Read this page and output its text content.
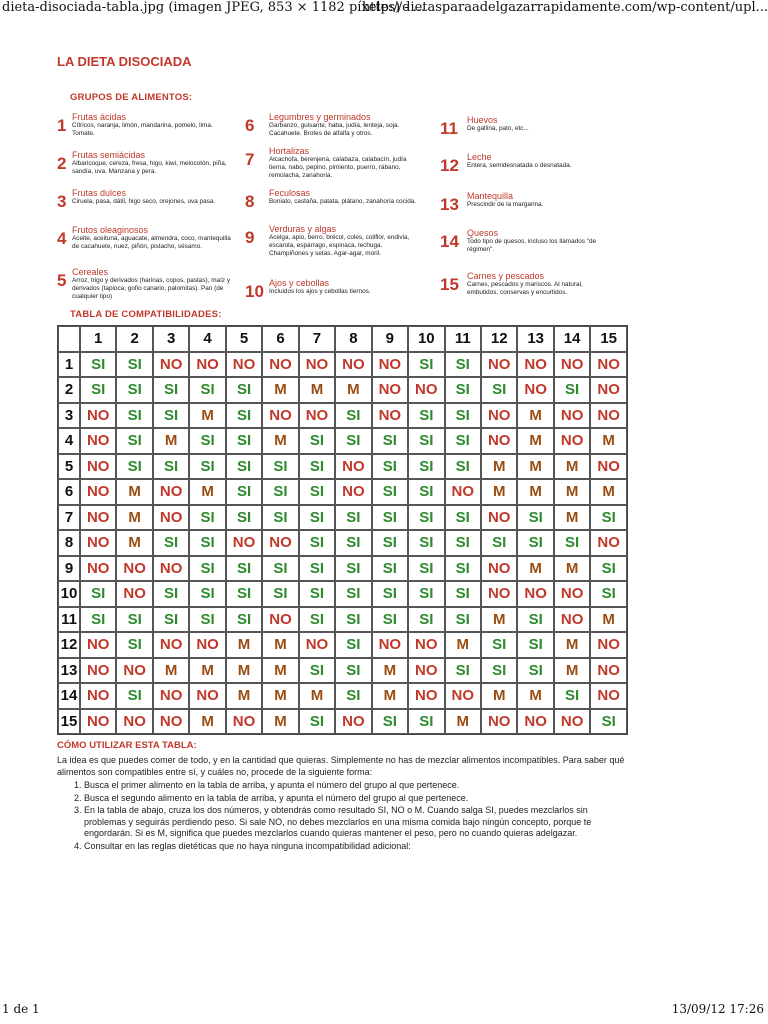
dieta-disociada-tabla.jpg (imagen JPEG, 853 × 1182 píxeles) - ...
http://dietasparaadelgazarrapidamente.com/wp-content/upl...
LA DIETA DISOCIADA
GRUPOS DE ALIMENTOS:
1 Frutas ácidas
Cítricos, naranja, limón, mandarina, pomelo, lima. Tomate.
2 Frutas semiácidas
Albaricoque, cereza, fresa, higo, kiwi, melocotón, piña, sandía, uva. Manzana y pera.
3 Frutas dulces
Ciruela, pasa, dátil, higo seco, orejones, uva pasa.
4 Frutos oleaginosos
Aceite, aceituna, aguacate, almendra, coco, mantequilla de cacahuete, nuez, piñón, pistacho, sésamo.
5 Cereales
Arroz, trigo y derivados (harinas, copos, pastas), maíz y derivados (tapioca, gofio canario, palomitas). Pan (de cualquier tipo)
6 Legumbres y germinados
Garbanzo, guisante, haba, judía, lenteja, soja. Cacahuete. Brotes de alfalfa y otros.
7 Hortalizas
Alcachofa, berenjena, calabaza, calabacín, judía tierna, nabo, pepino, pimiento, puerro, rábano, remolacha, zanahoria.
8 Feculosas
Boniato, castaña, patata, plátano, zanahoria cocida.
9 Verduras y algas
Acelga, apio, berro, brécol, coles, coliflor, endivia, escarola, espárrago, espinaca, lechuga. Champiñones y setas. Agar-agar, moril.
10 Ajos y cebollas
Incluidos los ajos y cebollas tiernos.
11 Huevos
De gallina, pato, etc...
12 Leche
Entera, semidesnatada o desnatada.
13 Mantequilla
Prescindir de la margarina.
14 Quesos
Todo tipo de quesos, incluso los llamados "de régimen".
15 Carnes y pescados
Carnes, pescados y mariscos. Al natural, embutidos, conservas y encurtidos.
TABLA DE COMPATIBILIDADES:
	1	2	3	4	5	6	7	8	9	10	11	12	13	14	15
1	SI	SI	NO	NO	NO	NO	NO	NO	NO	SI	SI	NO	NO	NO	NO
2	SI	SI	SI	SI	SI	M	M	M	NO	NO	SI	SI	NO	SI	NO
3	NO	SI	SI	M	SI	NO	NO	SI	NO	SI	SI	NO	M	NO	NO
4	NO	SI	M	SI	SI	M	SI	SI	SI	SI	SI	NO	M	NO	M
5	NO	SI	SI	SI	SI	SI	SI	NO	SI	SI	SI	M	M	M	NO
6	NO	M	NO	M	SI	SI	SI	NO	SI	SI	NO	M	M	M	M
7	NO	M	NO	SI	SI	SI	SI	SI	SI	SI	SI	NO	SI	M	SI
8	NO	M	SI	SI	NO	NO	SI	SI	SI	SI	SI	SI	SI	SI	NO
9	NO	NO	NO	SI	SI	SI	SI	SI	SI	SI	SI	NO	M	M	SI
10	SI	NO	SI	SI	SI	SI	SI	SI	SI	SI	SI	NO	NO	NO	SI
11	SI	SI	SI	SI	SI	NO	SI	SI	SI	SI	SI	M	SI	NO	M
12	NO	SI	NO	NO	M	M	NO	SI	NO	NO	M	SI	SI	M	NO
13	NO	NO	M	M	M	M	SI	SI	M	NO	SI	SI	SI	M	NO
14	NO	SI	NO	NO	M	M	M	SI	M	NO	NO	M	M	SI	NO
15	NO	NO	NO	M	NO	M	SI	NO	SI	SI	M	NO	NO	NO	SI
CÓMO UTILIZAR ESTA TABLA:

La idea es que puedes comer de todo, y en la cantidad que quieras. Simplemente no has de mezclar alimentos incompatibles. Para saber qué alimentos son compatibles entre sí, y cuáles no, procede de la siguiente forma:

1. Busca el primer alimento en la tabla de arriba, y apunta el número del grupo al que pertenece.
2. Busca el segundo alimento en la tabla de arriba, y apunta el número del grupo al que pertenece.
3. En la tabla de abajo, cruza los dos números, y obtendrás como resultado SI, NO o M. Cuando salga SI, puedes mezclarlos sin problemas y seguirás perdiendo peso. Si sale NO, no debes mezclarlos en una misma comida bajo ningún concepto, porque te engordarán. Si es M, significa que puedes mezclarlos cuando quieras mantener el peso, pero no cuando quieras adelgazar.
4. Consultar en las reglas dietéticas que no haya ninguna incompatibilidad adicional:
1 de 1	13/09/12 17:26
